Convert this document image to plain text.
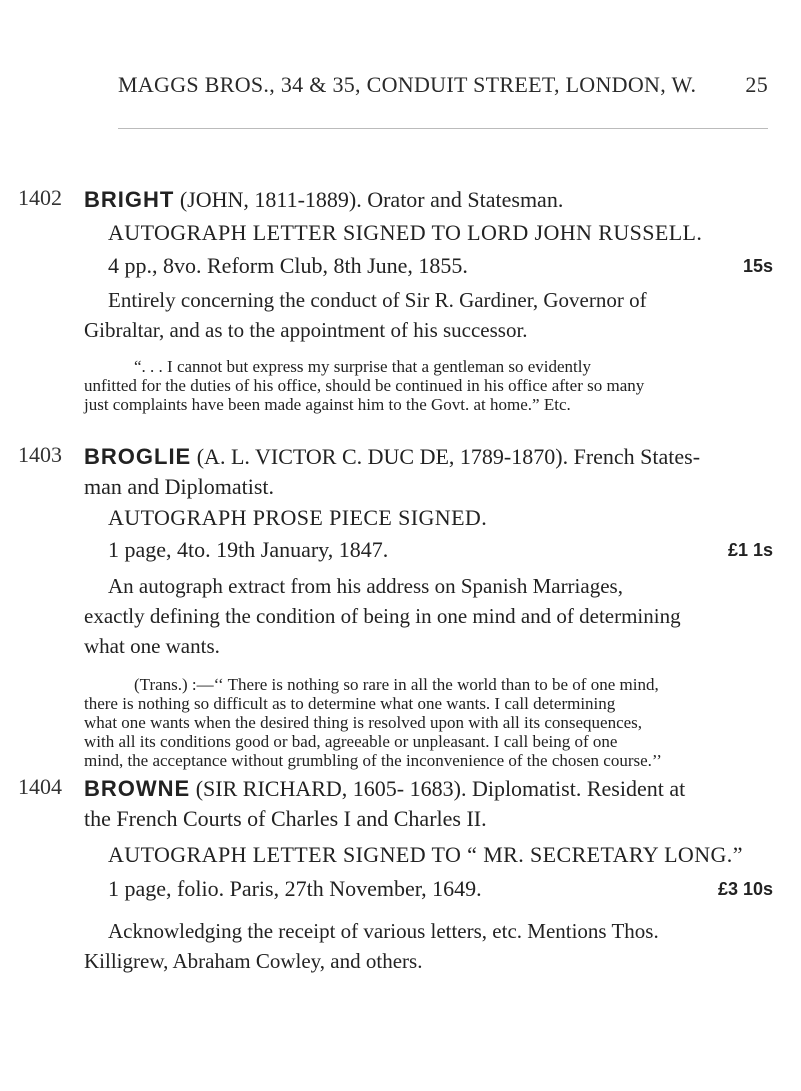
MAGGS BROS., 34 & 35, CONDUIT STREET, LONDON, W. 25
1402 BRIGHT (JOHN, 1811-1889). Orator and Statesman.

AUTOGRAPH LETTER SIGNED TO LORD JOHN RUSSELL.

4 pp., 8vo. Reform Club, 8th June, 1855.	15s

Entirely concerning the conduct of Sir R. Gardiner, Governor of

Gibraltar, and as to the appointment of his successor.

“. . . I cannot but express my surprise that a gentleman so evidently

unfitted for the duties of his office, should be continued in his office after so many

just complaints have been made against him to the Govt. at home.” Etc.

1403 BROGLIE (A. L. VICTOR C. DUC DE, 1789-1870). French States-

man and Diplomatist.

AUTOGRAPH PROSE PIECE SIGNED.

1 page, 4to. 19th January, 1847.	£1 1s

An autograph extract from his address on Spanish Marriages,

exactly defining the condition of being in one mind and of determining

what one wants.

(Trans.) :—‘‘ There is nothing so rare in all the world than to be of one mind,

there is nothing so difficult as to determine what one wants. I call determining

what one wants when the desired thing is resolved upon with all its consequences,

with all its conditions good or bad, agreeable or unpleasant. I call being of one

mind, the acceptance without grumbling of the inconvenience of the chosen course.’’

1404 BROWNE (SIR RICHARD, 1605- 1683). Diplomatist. Resident at

the French Courts of Charles I and Charles II.

AUTOGRAPH LETTER SIGNED TO “ MR. SECRETARY LONG.”

1 page, folio. Paris, 27th November, 1649.	£3 10s

Acknowledging the receipt of various letters, etc. Mentions Thos.

Killigrew, Abraham Cowley, and others.
